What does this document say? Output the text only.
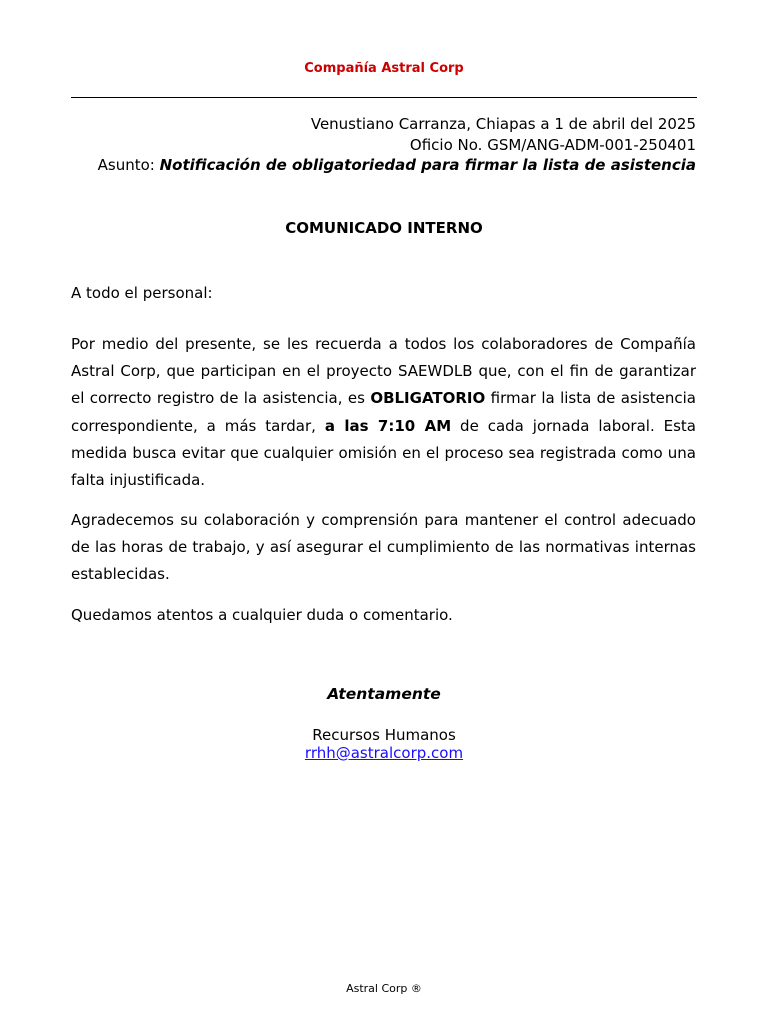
Compañía Astral Corp
Venustiano Carranza, Chiapas a 1 de abril del 2025
Oficio No. GSM/ANG-ADM-001-250401
Asunto: Notificación de obligatoriedad para firmar la lista de asistencia
COMUNICADO INTERNO

A todo el personal:

Por medio del presente, se les recuerda a todos los colaboradores de Compañía Astral Corp, que participan en el proyecto SAEWDLB que, con el fin de garantizar el correcto registro de la asistencia, es OBLIGATORIO firmar la lista de asistencia correspondiente, a más tardar, a las 7:10 AM de cada jornada laboral. Esta medida busca evitar que cualquier omisión en el proceso sea registrada como una falta injustificada.

Agradecemos su colaboración y comprensión para mantener el control adecuado de las horas de trabajo, y así asegurar el cumplimiento de las normativas internas establecidas.

Quedamos atentos a cualquier duda o comentario.

Atentamente
Recursos Humanos
rrhh@astralcorp.com
Astral Corp ®
